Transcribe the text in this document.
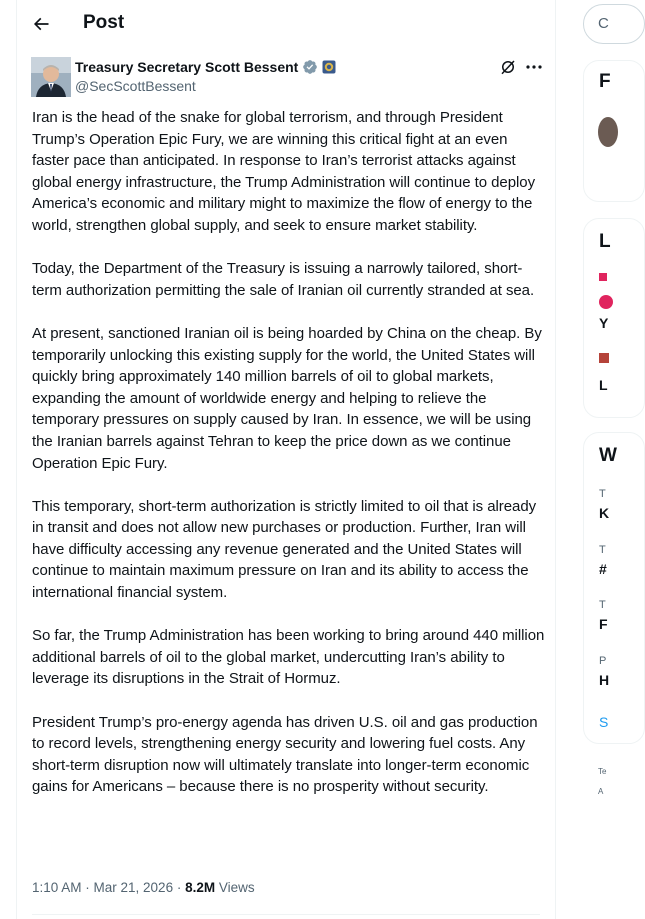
Post
Treasury Secretary Scott Bessent
@SecScottBessent

Iran is the head of the snake for global terrorism, and through President Trump’s Operation Epic Fury, we are winning this critical fight at an even faster pace than anticipated. In response to Iran’s terrorist attacks against global energy infrastructure, the Trump Administration will continue to deploy America’s economic and military might to maximize the flow of energy to the world, strengthen global supply, and seek to ensure market stability.

Today, the Department of the Treasury is issuing a narrowly tailored, short-term authorization permitting the sale of Iranian oil currently stranded at sea.

At present, sanctioned Iranian oil is being hoarded by China on the cheap. By temporarily unlocking this existing supply for the world, the United States will quickly bring approximately 140 million barrels of oil to global markets, expanding the amount of worldwide energy and helping to relieve the temporary pressures on supply caused by Iran. In essence, we will be using the Iranian barrels against Tehran to keep the price down as we continue Operation Epic Fury.

This temporary, short-term authorization is strictly limited to oil that is already in transit and does not allow new purchases or production. Further, Iran will have difficulty accessing any revenue generated and the United States will continue to maintain maximum pressure on Iran and its ability to access the international financial system.

So far, the Trump Administration has been working to bring around 440 million additional barrels of oil to the global market, undercutting Iran’s ability to leverage its disruptions in the Strait of Hormuz.

President Trump’s pro-energy agenda has driven U.S. oil and gas production to record levels, strengthening energy security and lowering fuel costs. Any short-term disruption now will ultimately translate into longer-term economic gains for Americans – because there is no prosperity without security.

1:10 AM · Mar 21, 2026 · 8.2M Views
C
F
L
Y
L
W
T
K
T
#
T
F
P
H
S
Te
A
